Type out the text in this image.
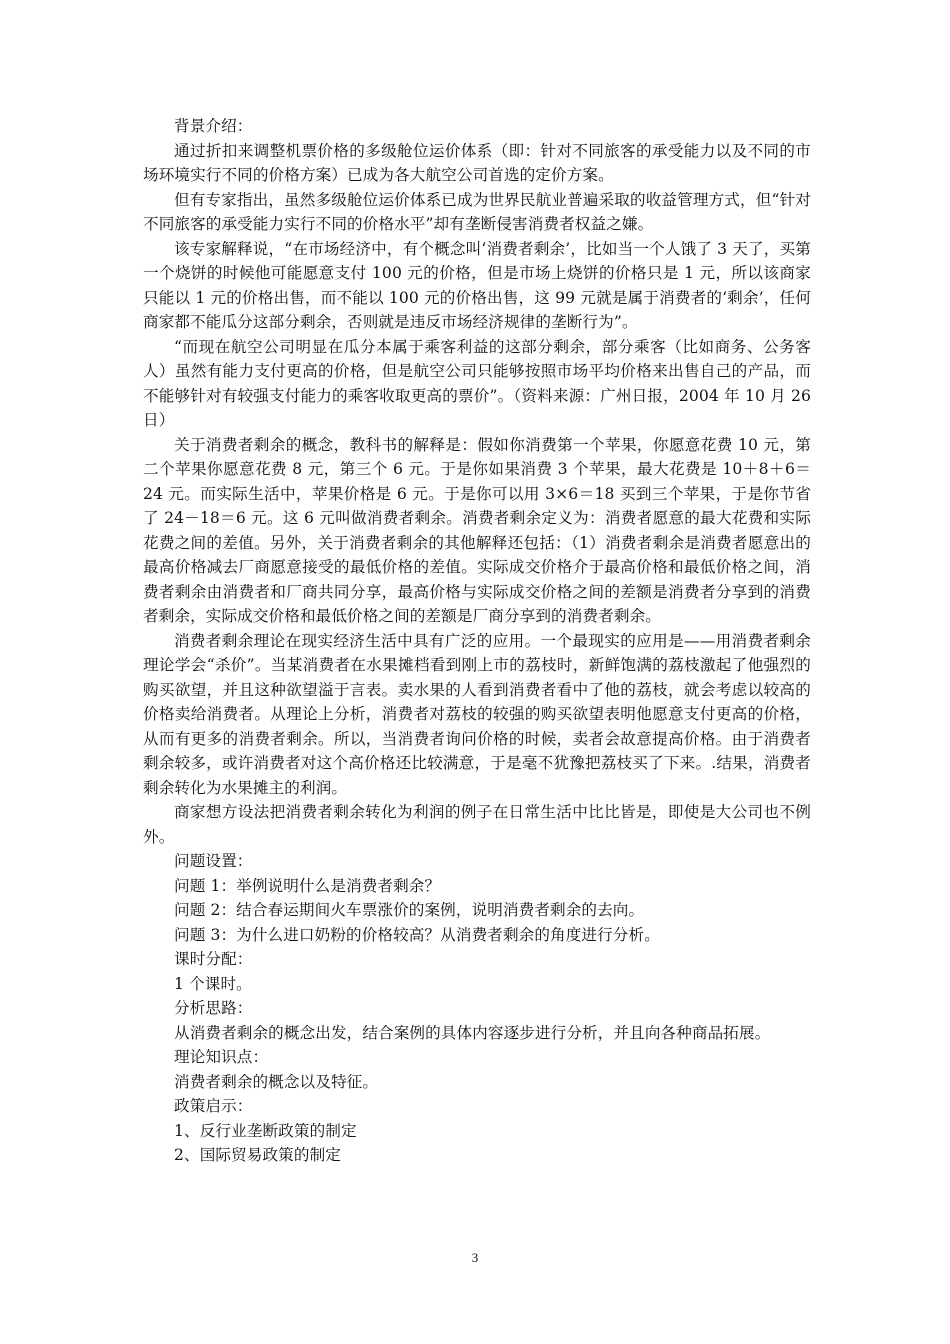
背景介绍：

通过折扣来调整机票价格的多级舱位运价体系（即：针对不同旅客的承受能力以及不同的市场环境实行不同的价格方案）已成为各大航空公司首选的定价方案。

但有专家指出，虽然多级舱位运价体系已成为世界民航业普遍采取的收益管理方式，但“针对不同旅客的承受能力实行不同的价格水平”却有垄断侵害消费者权益之嫌。

该专家解释说，“在市场经济中，有个概念叫‘消费者剩余’，比如当一个人饿了 3 天了，买第一个烧饼的时候他可能愿意支付 100 元的价格，但是市场上烧饼的价格只是 1 元，所以该商家只能以 1 元的价格出售，而不能以 100 元的价格出售，这 99 元就是属于消费者的‘剩余’，任何商家都不能瓜分这部分剩余，否则就是违反市场经济规律的垄断行为”。

“而现在航空公司明显在瓜分本属于乘客利益的这部分剩余，部分乘客（比如商务、公务客人）虽然有能力支付更高的价格，但是航空公司只能够按照市场平均价格来出售自己的产品，而不能够针对有较强支付能力的乘客收取更高的票价”。（资料来源：广州日报，2004 年 10 月 26 日）

关于消费者剩余的概念，教科书的解释是：假如你消费第一个苹果，你愿意花费 10 元，第二个苹果你愿意花费 8 元，第三个 6 元。于是你如果消费 3 个苹果，最大花费是 10＋8＋6＝24 元。而实际生活中，苹果价格是 6 元。于是你可以用 3×6＝18 买到三个苹果，于是你节省了 24－18＝6 元。这 6 元叫做消费者剩余。消费者剩余定义为：消费者愿意的最大花费和实际花费之间的差值。另外，关于消费者剩余的其他解释还包括：（1）消费者剩余是消费者愿意出的最高价格减去厂商愿意接受的最低价格的差值。实际成交价格介于最高价格和最低价格之间，消费者剩余由消费者和厂商共同分享，最高价格与实际成交价格之间的差额是消费者分享到的消费者剩余，实际成交价格和最低价格之间的差额是厂商分享到的消费者剩余。

消费者剩余理论在现实经济生活中具有广泛的应用。一个最现实的应用是——用消费者剩余理论学会“杀价”。当某消费者在水果摊档看到刚上市的荔枝时，新鲜饱满的荔枝激起了他强烈的购买欲望，并且这种欲望溢于言表。卖水果的人看到消费者看中了他的荔枝，就会考虑以较高的价格卖给消费者。从理论上分析，消费者对荔枝的较强的购买欲望表明他愿意支付更高的价格，从而有更多的消费者剩余。所以，当消费者询问价格的时候，卖者会故意提高价格。由于消费者剩余较多，或许消费者对这个高价格还比较满意，于是毫不犹豫把荔枝买了下来。.结果，消费者剩余转化为水果摊主的利润。

商家想方设法把消费者剩余转化为利润的例子在日常生活中比比皆是，即使是大公司也不例外。

问题设置：

问题 1：举例说明什么是消费者剩余？

问题 2：结合春运期间火车票涨价的案例，说明消费者剩余的去向。

问题 3：为什么进口奶粉的价格较高？从消费者剩余的角度进行分析。

课时分配：

1 个课时。

分析思路：

从消费者剩余的概念出发，结合案例的具体内容逐步进行分析，并且向各种商品拓展。

理论知识点：

消费者剩余的概念以及特征。

政策启示：

1、反行业垄断政策的制定

2、国际贸易政策的制定

3
